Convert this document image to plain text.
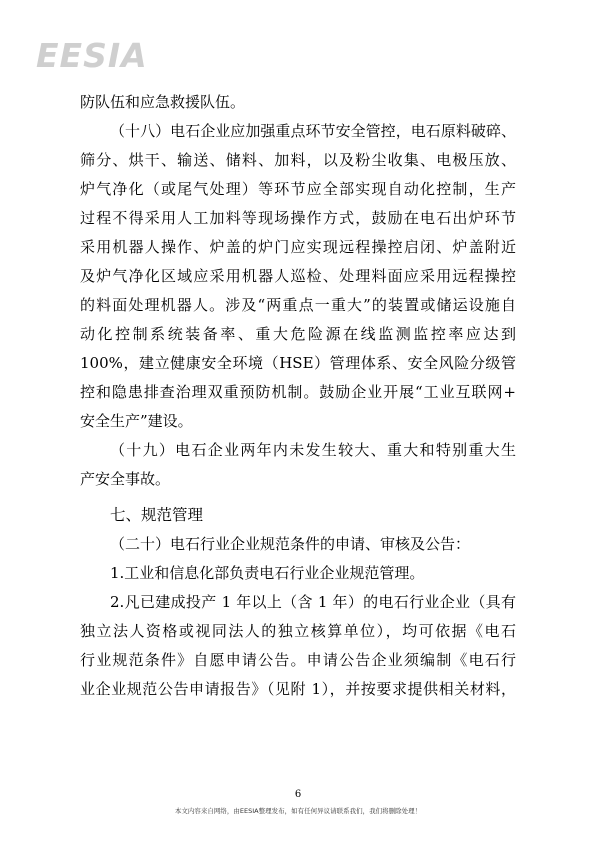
EESIA
防队伍和应急救援队伍。
（十八）电石企业应加强重点环节安全管控，电石原料破碎、
筛分、烘干、输送、储料、加料，以及粉尘收集、电极压放、
炉气净化（或尾气处理）等环节应全部实现自动化控制，生产
过程不得采用人工加料等现场操作方式，鼓励在电石出炉环节
采用机器人操作、炉盖的炉门应实现远程操控启闭、炉盖附近
及炉气净化区域应采用机器人巡检、处理料面应采用远程操控
的料面处理机器人。涉及“两重点一重大”的装置或储运设施自
动化控制系统装备率、重大危险源在线监测监控率应达到
100%，建立健康安全环境（HSE）管理体系、安全风险分级管
控和隐患排查治理双重预防机制。鼓励企业开展“工业互联网+
安全生产”建设。
（十九）电石企业两年内未发生较大、重大和特别重大生
产安全事故。
七、规范管理
（二十）电石行业企业规范条件的申请、审核及公告：
1.工业和信息化部负责电石行业企业规范管理。
2.凡已建成投产 1 年以上（含 1 年）的电石行业企业（具有
独立法人资格或视同法人的独立核算单位），均可依据《电石
行业规范条件》自愿申请公告。申请公告企业须编制《电石行
业企业规范公告申请报告》（见附 1），并按要求提供相关材料，
6
本文内容来自网络，由EESIA整理发布，如有任何异议请联系我们，我们将删除处理！
